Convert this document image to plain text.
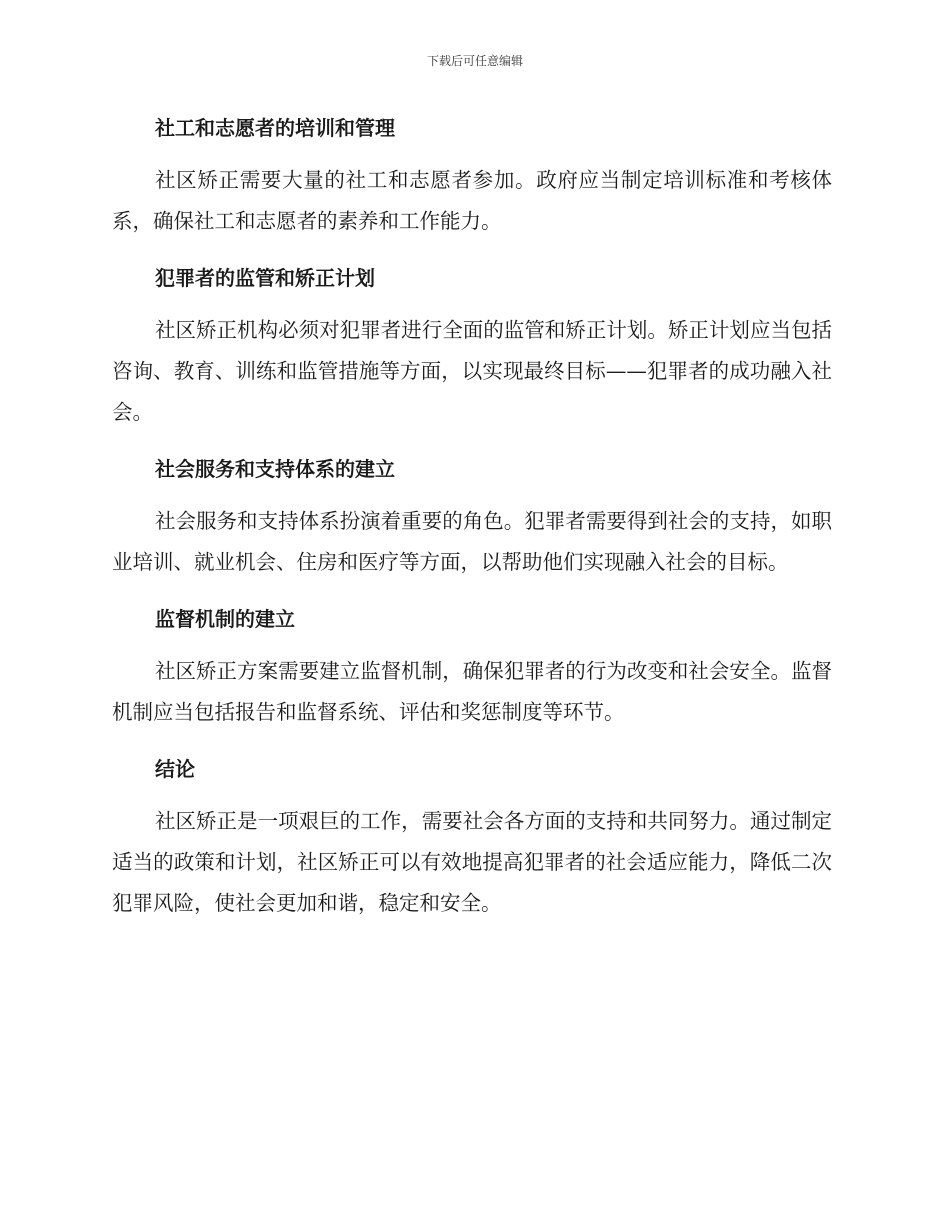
下载后可任意编辑
社工和志愿者的培训和管理

社区矫正需要大量的社工和志愿者参加。政府应当制定培训标准和考核体系，确保社工和志愿者的素养和工作能力。

犯罪者的监管和矫正计划

社区矫正机构必须对犯罪者进行全面的监管和矫正计划。矫正计划应当包括咨询、教育、训练和监管措施等方面，以实现最终目标——犯罪者的成功融入社会。

社会服务和支持体系的建立

社会服务和支持体系扮演着重要的角色。犯罪者需要得到社会的支持，如职业培训、就业机会、住房和医疗等方面，以帮助他们实现融入社会的目标。

监督机制的建立

社区矫正方案需要建立监督机制，确保犯罪者的行为改变和社会安全。监督机制应当包括报告和监督系统、评估和奖惩制度等环节。

结论

社区矫正是一项艰巨的工作，需要社会各方面的支持和共同努力。通过制定适当的政策和计划，社区矫正可以有效地提高犯罪者的社会适应能力，降低二次犯罪风险，使社会更加和谐，稳定和安全。
